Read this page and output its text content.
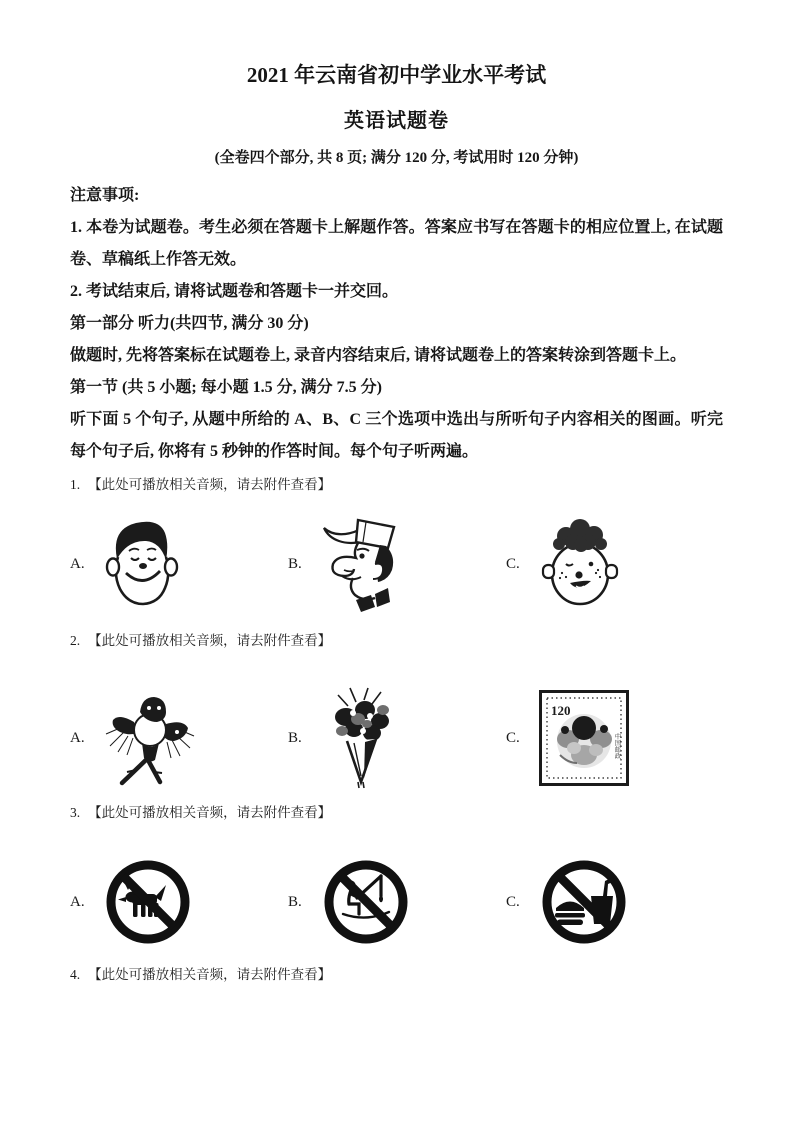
2021 年云南省初中学业水平考试
英语试题卷

(全卷四个部分, 共 8 页; 满分 120 分, 考试用时 120 分钟)

注意事项:

1. 本卷为试题卷。考生必须在答题卡上解题作答。答案应书写在答题卡的相应位置上, 在试题卷、草稿纸上作答无效。

2. 考试结束后, 请将试题卷和答题卡一并交回。

第一部分 听力(共四节, 满分 30 分)

做题时, 先将答案标在试题卷上, 录音内容结束后, 请将试题卷上的答案转涂到答题卡上。

第一节 (共 5 小题; 每小题 1.5 分, 满分 7.5 分)

听下面 5 个句子, 从题中所给的 A、B、C 三个选项中选出与所听句子内容相关的图画。听完每个句子后, 你将有 5 秒钟的作答时间。每个句子听两遍。

1. 【此处可播放相关音频，请去附件查看】

A.	B.	C.

2. 【此处可播放相关音频，请去附件查看】

A.	B.	C.
120
中国邮政

3. 【此处可播放相关音频，请去附件查看】

A.	B.	C.

4. 【此处可播放相关音频，请去附件查看】
